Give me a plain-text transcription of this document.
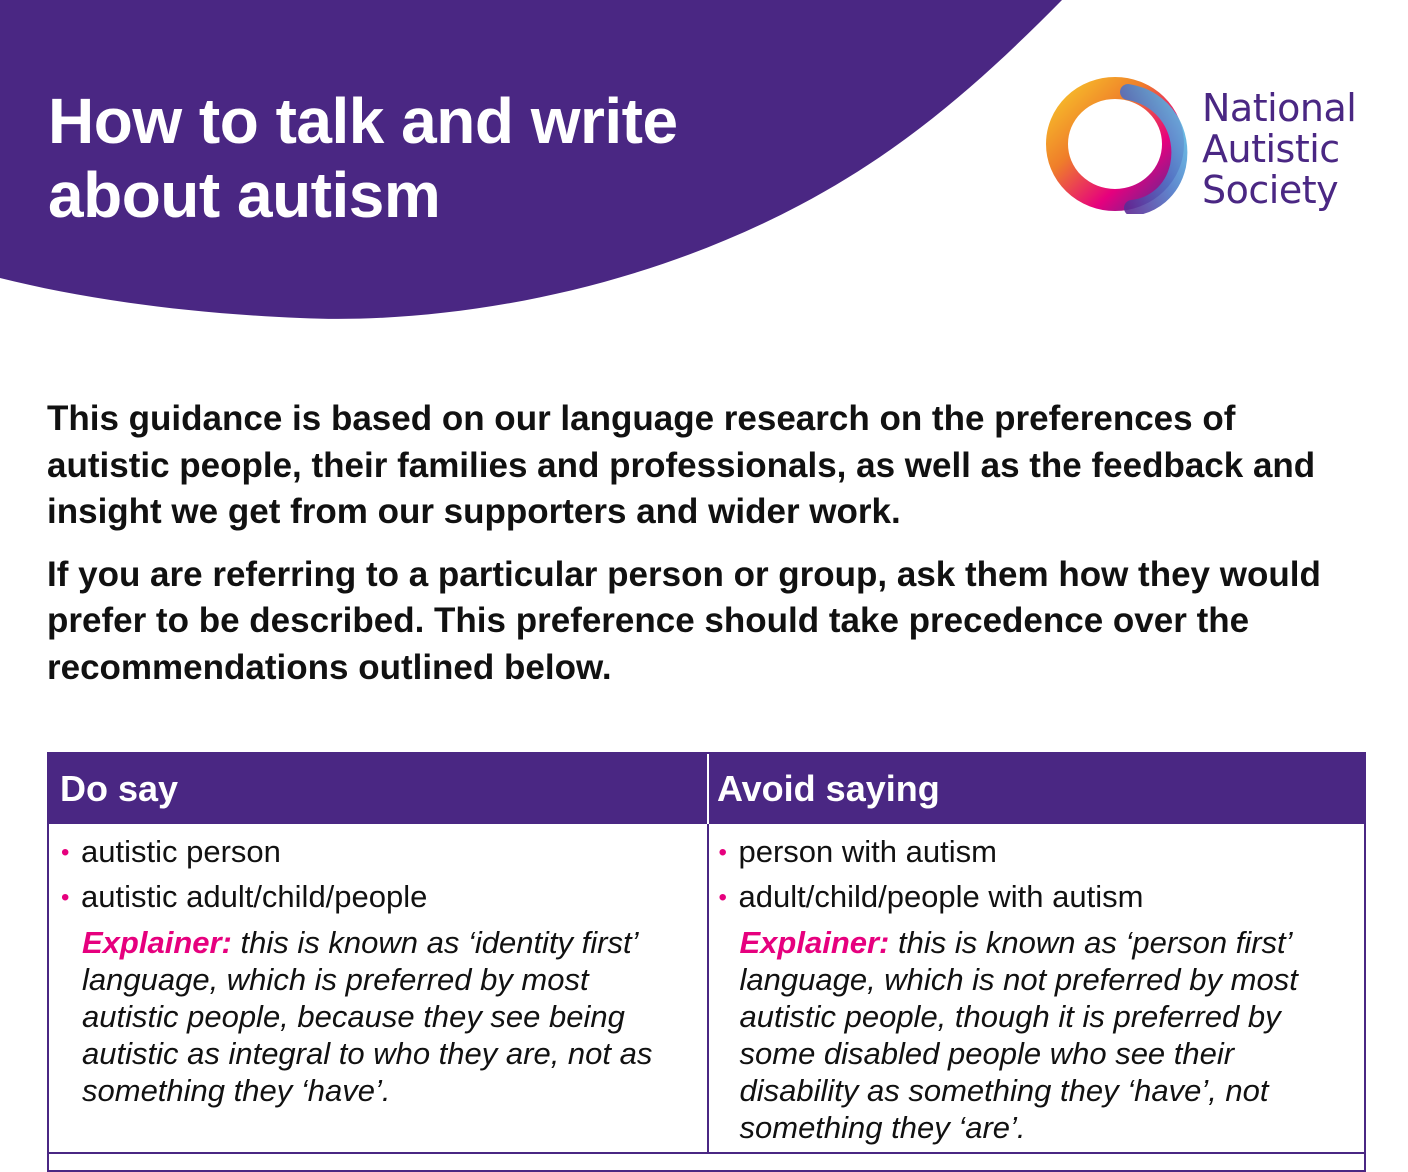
How to talk and write
about autism
National
Autistic
Society

This guidance is based on our language research on the preferences of autistic people, their families and professionals, as well as the feedback and insight we get from our supporters and wider work.

If you are referring to a particular person or group, ask them how they would prefer to be described. This preference should take precedence over the recommendations outlined below.

Do say	Avoid saying
• autistic person
• autistic adult/child/people
Explainer: this is known as ‘identity first’ language, which is preferred by most autistic people, because they see being autistic as integral to who they are, not as something they ‘have’.
• person with autism
• adult/child/people with autism
Explainer: this is known as ‘person first’ language, which is not preferred by most autistic people, though it is preferred by some disabled people who see their disability as something they ‘have’, not something they ‘are’.
